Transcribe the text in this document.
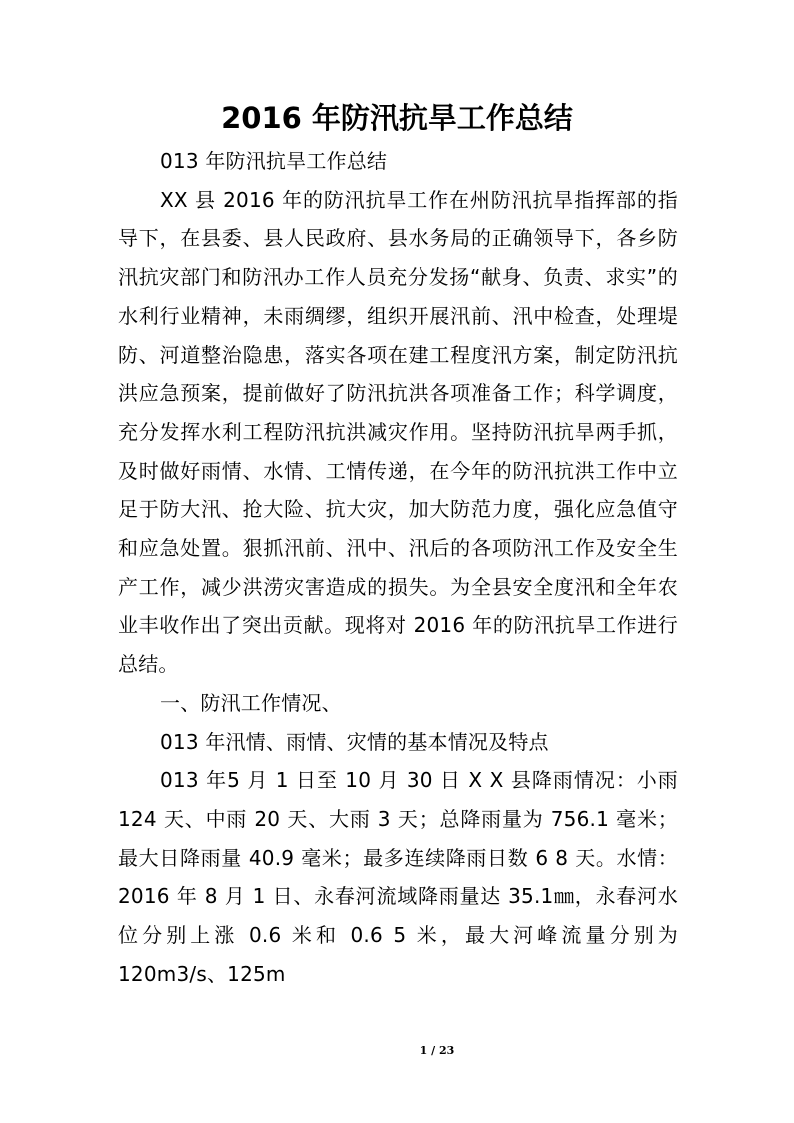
2016 年防汛抗旱工作总结

013 年防汛抗旱工作总结

XX 县 2016 年的防汛抗旱工作在州防汛抗旱指挥部的指导下，在县委、县人民政府、县水务局的正确领导下，各乡防汛抗灾部门和防汛办工作人员充分发扬“献身、负责、求实”的水利行业精神，未雨绸缪，组织开展汛前、汛中检查，处理堤防、河道整治隐患，落实各项在建工程度汛方案，制定防汛抗洪应急预案，提前做好了防汛抗洪各项准备工作；科学调度，充分发挥水利工程防汛抗洪减灾作用。坚持防汛抗旱两手抓，及时做好雨情、水情、工情传递，在今年的防汛抗洪工作中立足于防大汛、抢大险、抗大灾，加大防范力度，强化应急值守和应急处置。狠抓汛前、汛中、汛后的各项防汛工作及安全生产工作，减少洪涝灾害造成的损失。为全县安全度汛和全年农业丰收作出了突出贡献。现将对 2016 年的防汛抗旱工作进行总结。

一、防汛工作情况、

013 年汛情、雨情、灾情的基本情况及特点

013 年5 月 1 日至 10 月 30 日 X X 县降雨情况：小雨 124 天、中雨 20 天、大雨 3 天；总降雨量为 756.1 毫米；最大日降雨量 40.9 毫米；最多连续降雨日数 6 8 天。水情：2016 年 8 月 1 日、永春河流域降雨量达 35.1㎜，永春河水位分别上涨 0.6 米和 0.6 5 米，最大河峰流量分别为120m3/s、125m

1 / 23
